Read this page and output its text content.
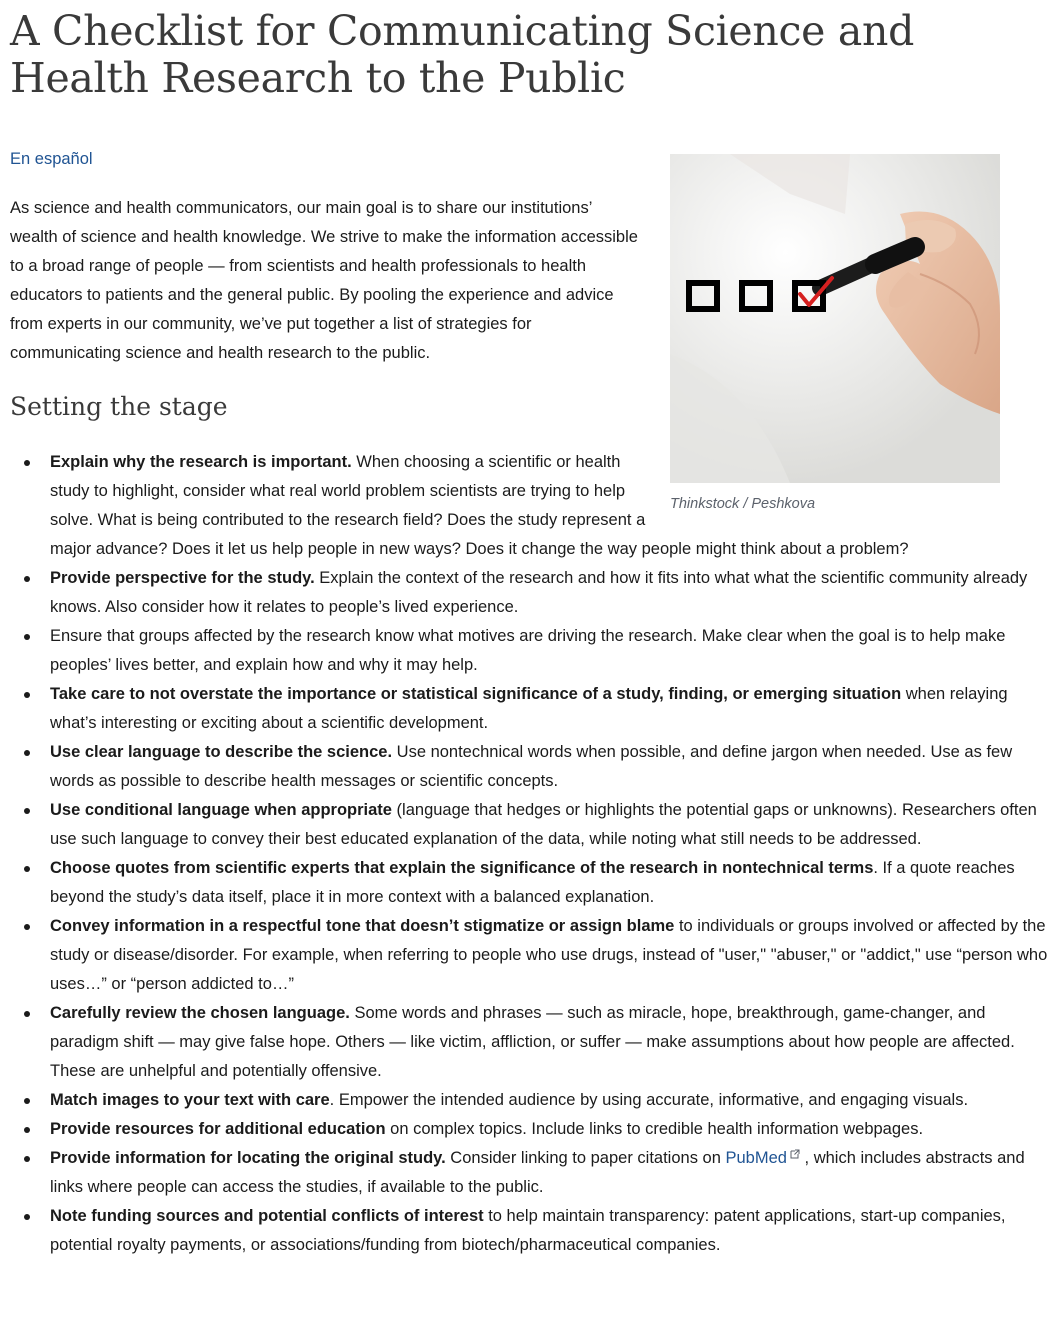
A Checklist for Communicating Science and Health Research to the Public
En español

As science and health communicators, our main goal is to share our institutions’ wealth of science and health knowledge. We strive to make the information accessible to a broad range of people — from scientists and health professionals to health educators to patients and the general public. By pooling the experience and advice from experts in our community, we’ve put together a list of strategies for communicating science and health research to the public.

Setting the stage
Thinkstock / Peshkova
Explain why the research is important. When choosing a scientific or health study to highlight, consider what real world problem scientists are trying to help solve. What is being contributed to the research field? Does the study represent a major advance? Does it let us help people in new ways? Does it change the way people might think about a problem?
Provide perspective for the study. Explain the context of the research and how it fits into what what the scientific community already knows. Also consider how it relates to people’s lived experience.
Ensure that groups affected by the research know what motives are driving the research. Make clear when the goal is to help make peoples’ lives better, and explain how and why it may help.
Take care to not overstate the importance or statistical significance of a study, finding, or emerging situation when relaying what’s interesting or exciting about a scientific development.
Use clear language to describe the science. Use nontechnical words when possible, and define jargon when needed. Use as few words as possible to describe health messages or scientific concepts.
Use conditional language when appropriate (language that hedges or highlights the potential gaps or unknowns). Researchers often use such language to convey their best educated explanation of the data, while noting what still needs to be addressed.
Choose quotes from scientific experts that explain the significance of the research in nontechnical terms. If a quote reaches beyond the study’s data itself, place it in more context with a balanced explanation.
Convey information in a respectful tone that doesn’t stigmatize or assign blame to individuals or groups involved or affected by the study or disease/disorder. For example, when referring to people who use drugs, instead of "user," "abuser," or "addict," use “person who uses…” or “person addicted to…”
Carefully review the chosen language. Some words and phrases — such as miracle, hope, breakthrough, game-changer, and paradigm shift — may give false hope. Others — like victim, affliction, or suffer — make assumptions about how people are affected. These are unhelpful and potentially offensive.
Match images to your text with care. Empower the intended audience by using accurate, informative, and engaging visuals.
Provide resources for additional education on complex topics. Include links to credible health information webpages.
Provide information for locating the original study. Consider linking to paper citations on PubMed , which includes abstracts and links where people can access the studies, if available to the public.
Note funding sources and potential conflicts of interest to help maintain transparency: patent applications, start-up companies, potential royalty payments, or associations/funding from biotech/pharmaceutical companies.
